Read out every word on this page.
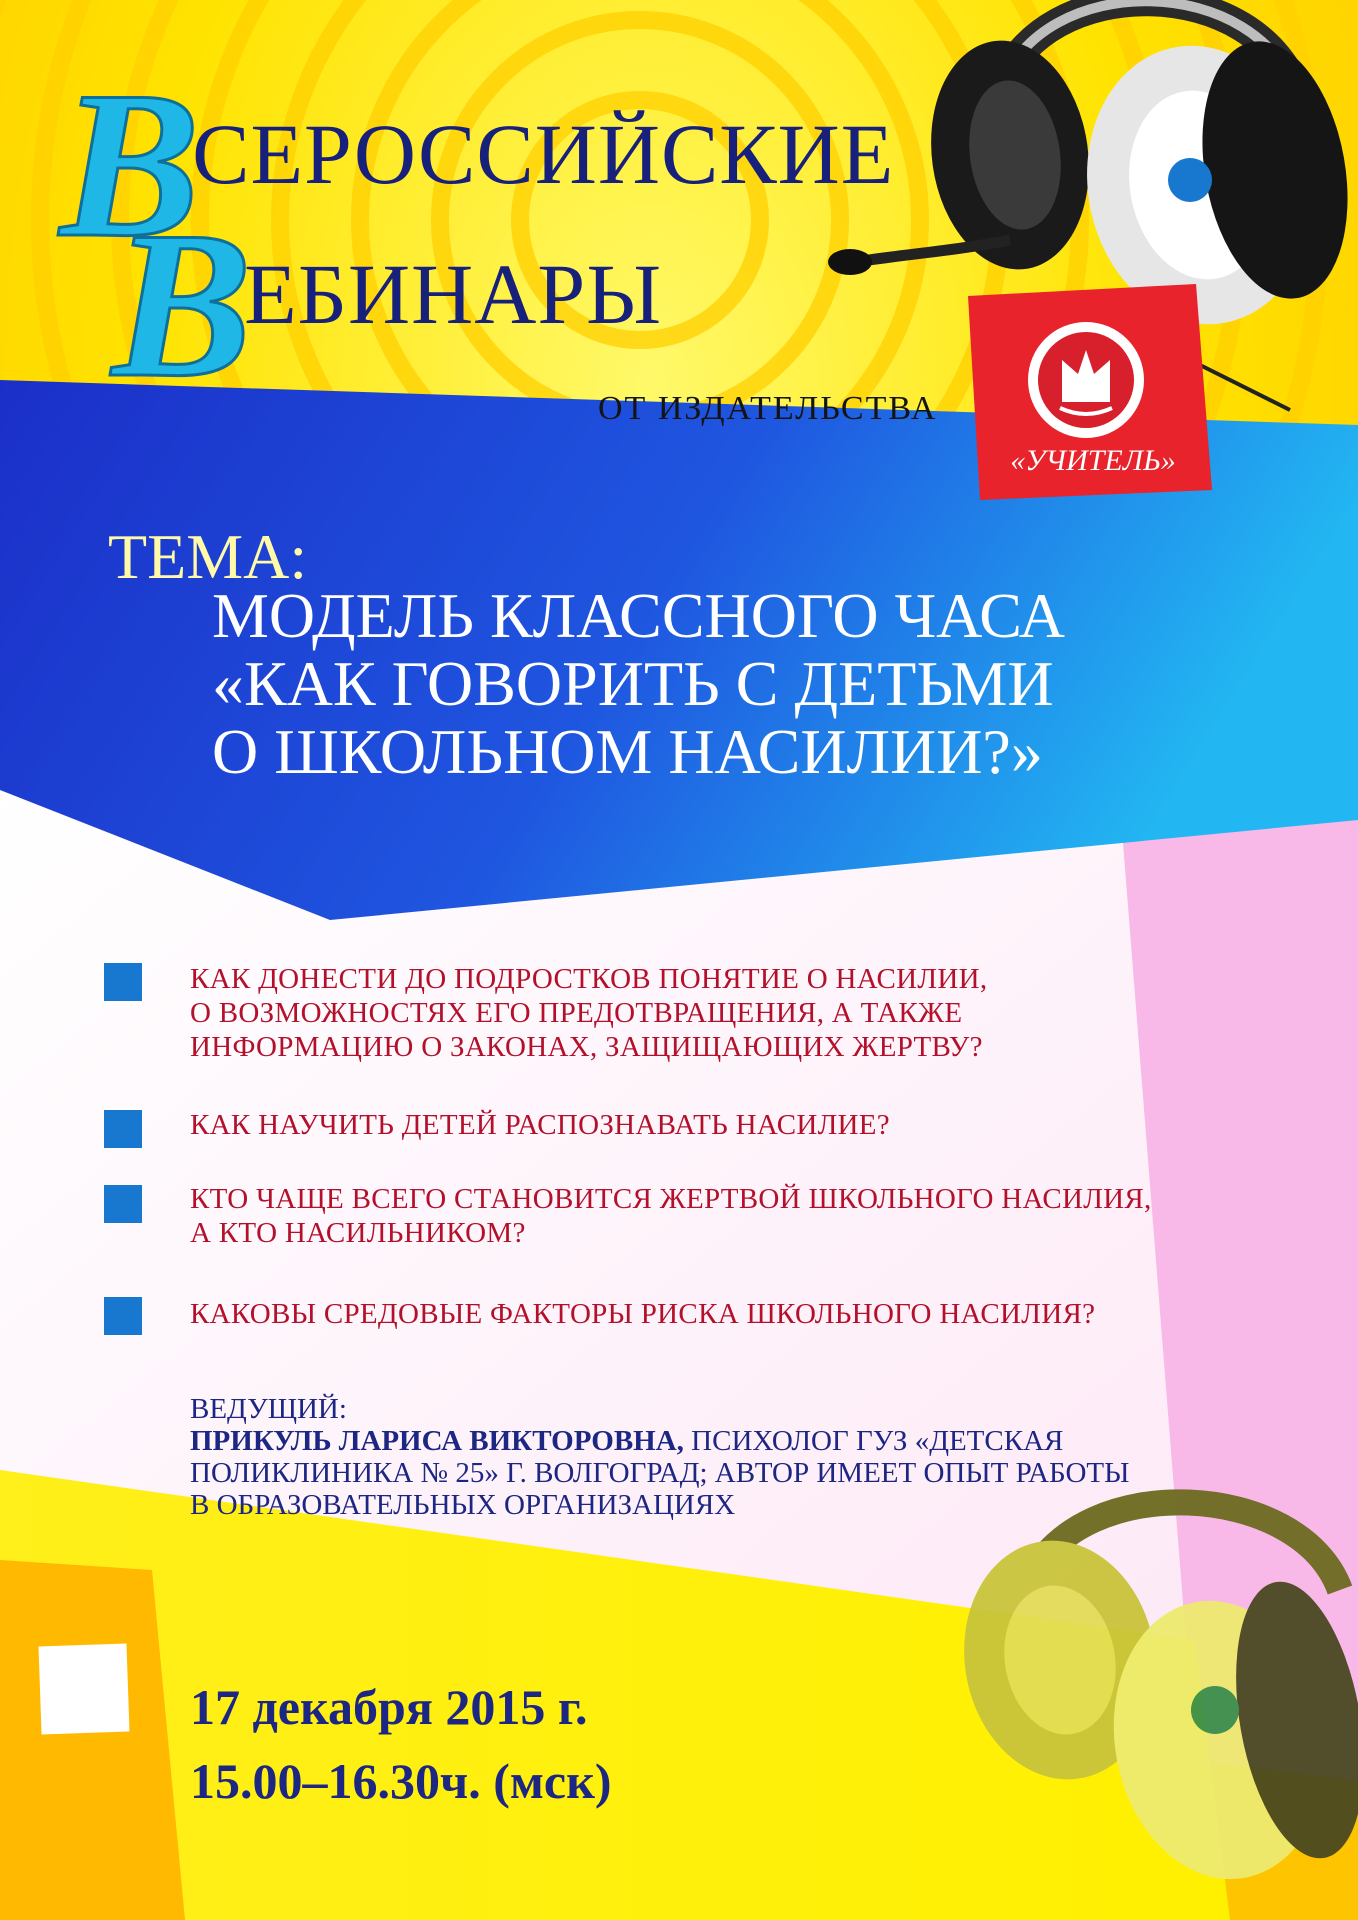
ВСЕРОССИЙСКИЕ
ВЕБИНАРЫ
ОТ ИЗДАТЕЛЬСТВА
«УЧИТЕЛЬ»
ТЕМА:
МОДЕЛЬ КЛАССНОГО ЧАСА
«КАК ГОВОРИТЬ С ДЕТЬМИ
О ШКОЛЬНОМ НАСИЛИИ?»
КАК ДОНЕСТИ ДО ПОДРОСТКОВ ПОНЯТИЕ О НАСИЛИИ,
О ВОЗМОЖНОСТЯХ ЕГО ПРЕДОТВРАЩЕНИЯ, А ТАКЖЕ
ИНФОРМАЦИЮ О ЗАКОНАХ, ЗАЩИЩАЮЩИХ ЖЕРТВУ?
КАК НАУЧИТЬ ДЕТЕЙ РАСПОЗНАВАТЬ НАСИЛИЕ?
КТО ЧАЩЕ ВСЕГО СТАНОВИТСЯ ЖЕРТВОЙ ШКОЛЬНОГО НАСИЛИЯ,
А КТО НАСИЛЬНИКОМ?
КАКОВЫ СРЕДОВЫЕ ФАКТОРЫ РИСКА ШКОЛЬНОГО НАСИЛИЯ?
ВЕДУЩИЙ:
ПРИКУЛЬ ЛАРИСА ВИКТОРОВНА, ПСИХОЛОГ ГУЗ «ДЕТСКАЯ
ПОЛИКЛИНИКА № 25» Г. ВОЛГОГРАД; АВТОР ИМЕЕТ ОПЫТ РАБОТЫ
В ОБРАЗОВАТЕЛЬНЫХ ОРГАНИЗАЦИЯХ
17 декабря 2015 г.
15.00–16.30ч. (мск)
